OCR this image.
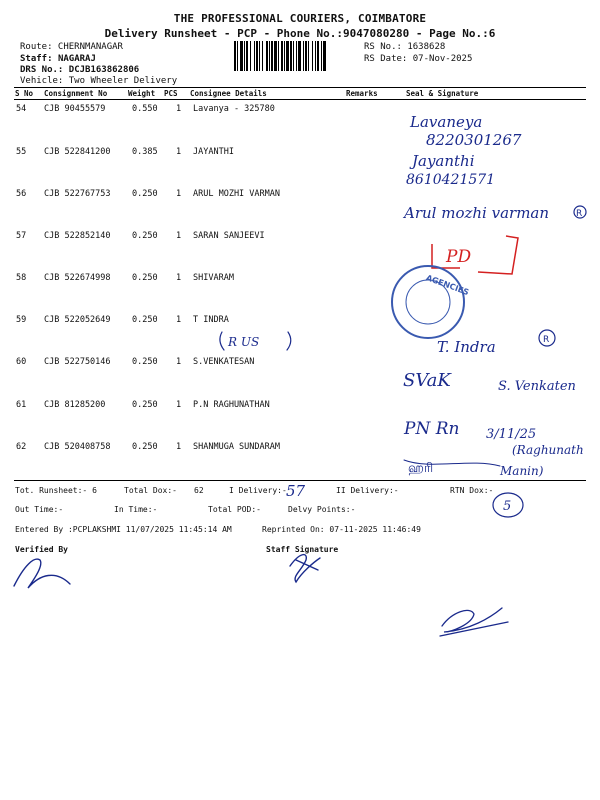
THE PROFESSIONAL COURIERS, COIMBATORE
Delivery Runsheet - PCP - Phone No.:9047080280 - Page No.:6
Route: CHERNMANAGAR
Staff: NAGARAJ
DRS No.: DCJB163862806
Vehicle: Two Wheeler Delivery
RS No.: 1638628
RS Date: 07-Nov-2025
S No Consignment No	Weight PCS Consignee Details	Remarks	Seal & Signature
54 CJB 90455579	0.550 1 Lavanya - 325780
55 CJB 522841200	0.385 1 JAYANTHI
56 CJB 522767753	0.250 1 ARUL MOZHI VARMAN
57 CJB 522852140	0.250 1 SARAN SANJEEVI
58 CJB 522674998	0.250 1 SHIVARAM
59 CJB 522052649	0.250 1 T INDRA
60 CJB 522750146	0.250 1 S.VENKATESAN
61 CJB 81285200	0.250 1 P.N RAGHUNATHAN
62 CJB 520408758	0.250 1 SHANMUGA SUNDARAM
Tot. Runsheet:- 6	Total Dox:- 62	I Delivery:-	II Delivery:-	RTN Dox:-
Out Time:-	In Time:-	Total POD:-	Delvy Points:-
Entered By :PCPLAKSHMI 11/07/2025 11:45:14 AM	Reprinted On: 07-11-2025 11:46:49
Verified By	Staff Signature
Lavaneya
8220301267
Jayanthi
8610421571
Arul mozhi varman	R
PD
AGENCIES
R US	T. Indra	R
SVaK	S. Venkaten
PN Rn 3/11/25
ஹரி
(Raghunath
Manin)
57
5
